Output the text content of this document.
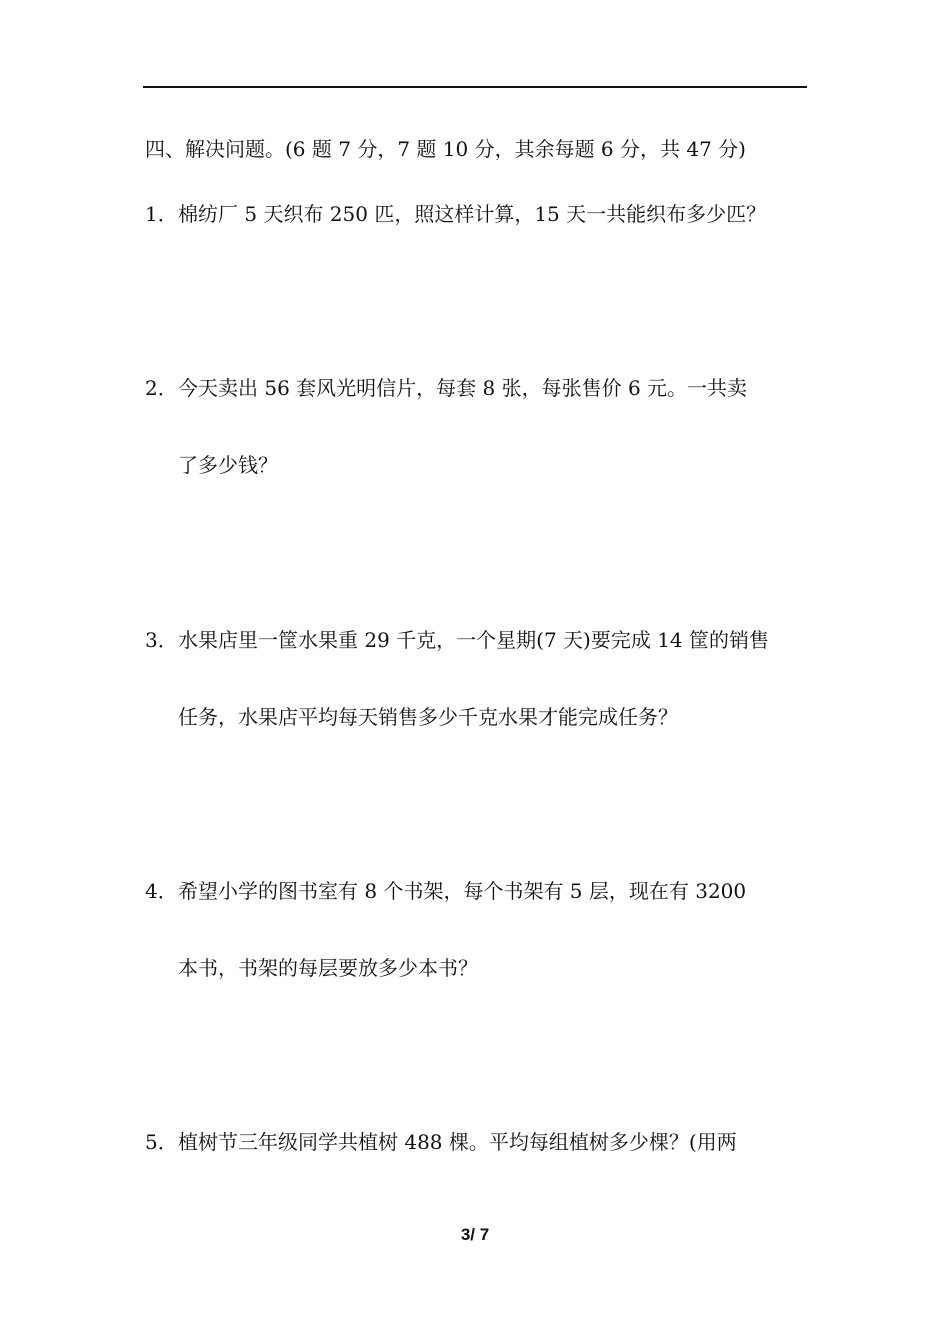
四、解决问题。(6 题 7 分，7 题 10 分，其余每题 6 分，共 47 分)
1．棉纺厂 5 天织布 250 匹，照这样计算，15 天一共能织布多少匹？
2．今天卖出 56 套风光明信片，每套 8 张，每张售价 6 元。一共卖
了多少钱？
3．水果店里一筐水果重 29 千克，一个星期(7 天)要完成 14 筐的销售
任务，水果店平均每天销售多少千克水果才能完成任务？
4．希望小学的图书室有 8 个书架，每个书架有 5 层，现在有 3200
本书，书架的每层要放多少本书？
5．植树节三年级同学共植树 488 棵。平均每组植树多少棵？(用两
3/ 7
